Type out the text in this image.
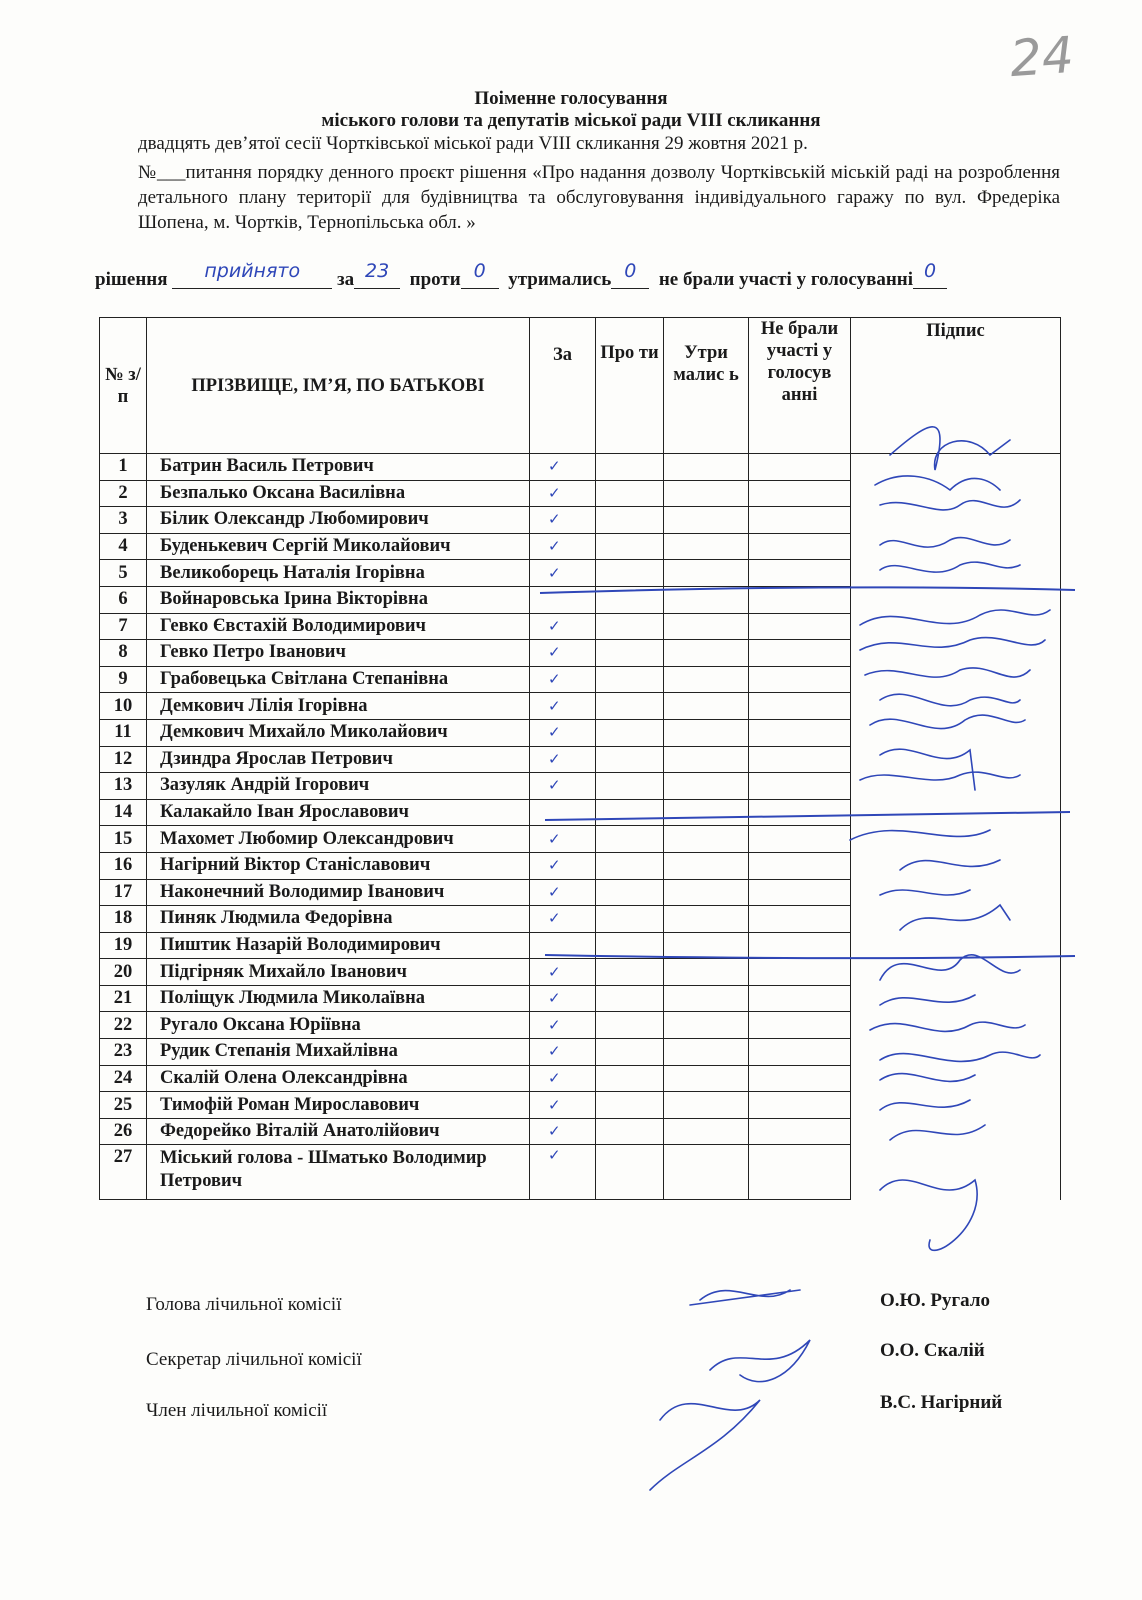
24
Поіменне голосування
міського голови та депутатів міської ради VIII скликання
двадцять дев’ятої сесії Чортківської міської ради VIII скликання 29 жовтня 2021 р.
№___питання порядку денного проєкт рішення «Про надання дозволу Чортківській міській раді на розроблення детального плану території для будівництва та обслуговування індивідуального гаражу по вул. Фредеріка Шопена, м. Чортків, Тернопільська обл. »
рішення прийнято за 23 проти 0 утримались 0 не брали участі у голосуванні 0
№ з/п	ПРІЗВИЩЕ, ІМ’Я, ПО БАТЬКОВІ	За	Про ти	Утри малис ь	Не брали участі у голосув анні	Підпис
1	Батрин Василь Петрович	✓				
2	Безпалько Оксана Василівна	✓				
3	Білик Олександр Любомирович	✓				
4	Буденькевич Сергій Миколайович	✓				
5	Великоборець Наталія Ігорівна	✓				
6	Войнаровська Ірина Вікторівна					
7	Гевко Євстахій Володимирович	✓				
8	Гевко Петро Іванович	✓				
9	Грабовецька Світлана Степанівна	✓				
10	Демкович Лілія Ігорівна	✓				
11	Демкович Михайло Миколайович	✓				
12	Дзиндра Ярослав Петрович	✓				
13	Зазуляк Андрій Ігорович	✓				
14	Калакайло Іван Ярославович					
15	Махомет Любомир Олександрович	✓				
16	Нагірний Віктор Станіславович	✓				
17	Наконечний Володимир Іванович	✓				
18	Пиняк Людмила Федорівна	✓				
19	Пиштик Назарій Володимирович					
20	Підгірняк Михайло Іванович	✓				
21	Поліщук Людмила Миколаївна	✓				
22	Ругало Оксана Юріївна	✓				
23	Рудик Степанія Михайлівна	✓				
24	Скалій Олена Олександрівна	✓				
25	Тимофій Роман Мирославович	✓				
26	Федорейко Віталій Анатолійович	✓				
27	Міський голова - Шматько Володимир Петрович	✓				
Голова лічильної комісії	О.Ю. Ругало
Секретар лічильної комісії	О.О. Скалій
Член лічильної комісії	В.С. Нагірний
